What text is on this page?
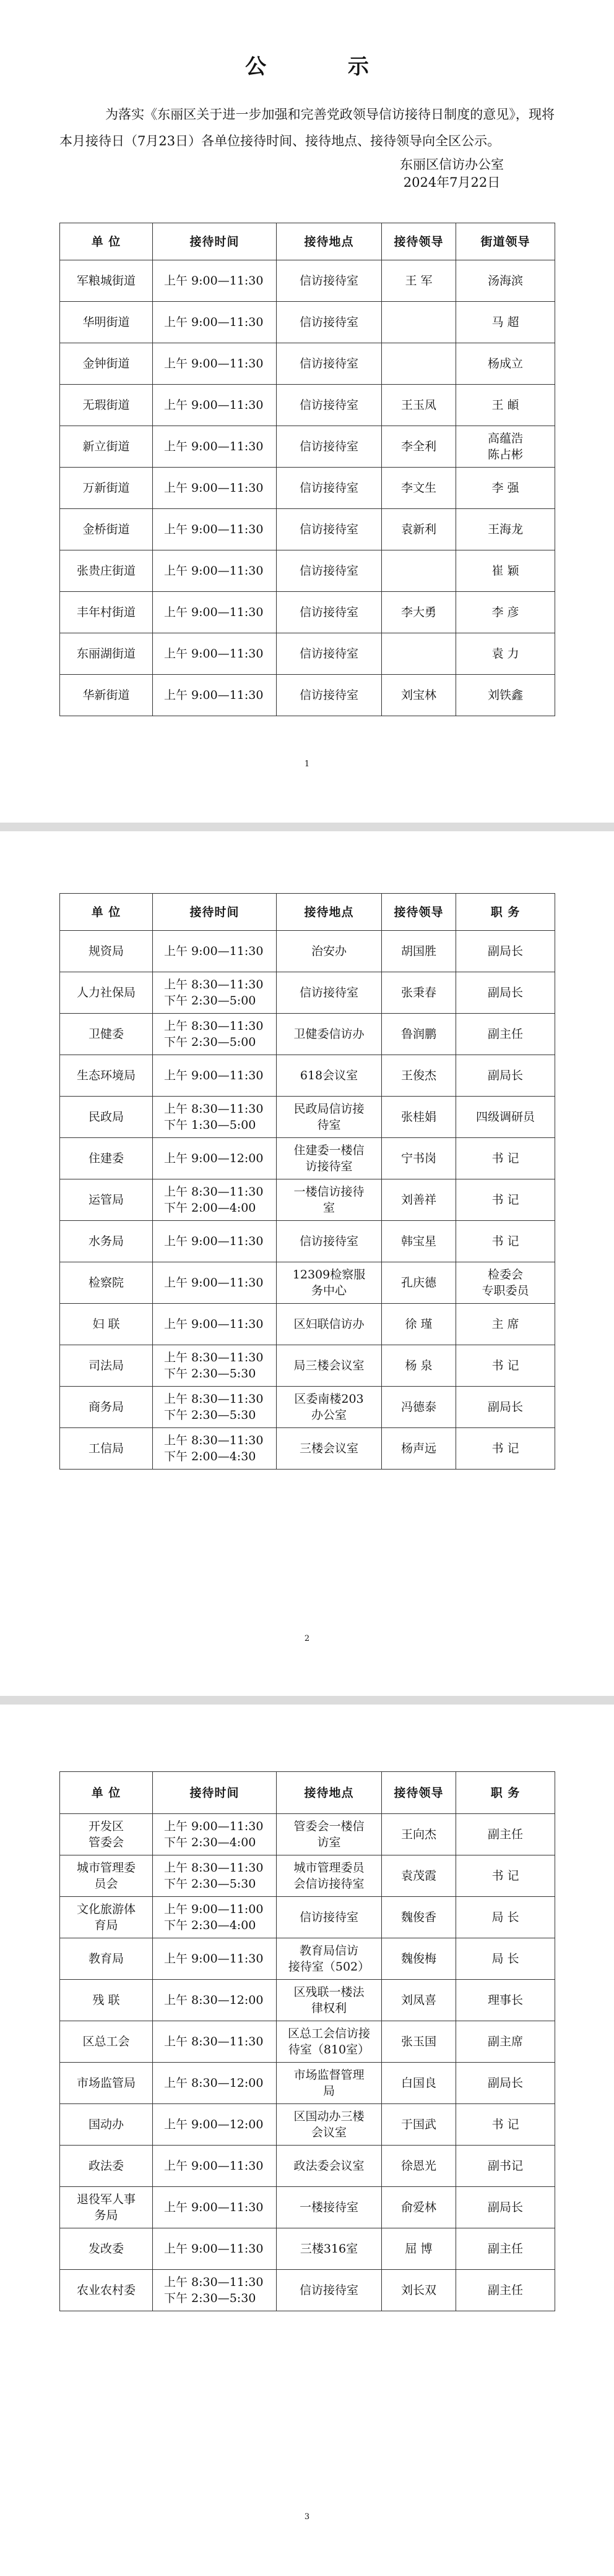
公 示
为落实《东丽区关于进一步加强和完善党政领导信访接待日制度的意见》，现将本月接待日（7月23日）各单位接待时间、接待地点、接待领导向全区公示。
东丽区信访办公室
2024年7月22日
单 位	接待时间	接待地点	接待领导	街道领导
军粮城街道	上午 9:00—11:30	信访接待室	王 军	汤海滨
华明街道	上午 9:00—11:30	信访接待室		马 超
金钟街道	上午 9:00—11:30	信访接待室		杨成立
无瑕街道	上午 9:00—11:30	信访接待室	王玉凤	王 頔
新立街道	上午 9:00—11:30	信访接待室	李全利	高蕴浩
陈占彬
万新街道	上午 9:00—11:30	信访接待室	李文生	李 强
金桥街道	上午 9:00—11:30	信访接待室	袁新利	王海龙
张贵庄街道	上午 9:00—11:30	信访接待室		崔 颖
丰年村街道	上午 9:00—11:30	信访接待室	李大勇	李 彦
东丽湖街道	上午 9:00—11:30	信访接待室		袁 力
华新街道	上午 9:00—11:30	信访接待室	刘宝林	刘铁鑫
1
单 位	接待时间	接待地点	接待领导	职 务
规资局	上午 9:00—11:30	治安办	胡国胜	副局长
人力社保局	上午 8:30—11:30
下午 2:30—5:00	信访接待室	张秉春	副局长
卫健委	上午 8:30—11:30
下午 2:30—5:00	卫健委信访办	鲁润鹏	副主任
生态环境局	上午 9:00—11:30	618会议室	王俊杰	副局长
民政局	上午 8:30—11:30
下午 1:30—5:00	民政局信访接
待室	张桂娟	四级调研员
住建委	上午 9:00—12:00	住建委一楼信
访接待室	宁书岗	书 记
运管局	上午 8:30—11:30
下午 2:00—4:00	一楼信访接待
室	刘善祥	书 记
水务局	上午 9:00—11:30	信访接待室	韩宝星	书 记
检察院	上午 9:00—11:30	12309检察服
务中心	孔庆德	检委会
专职委员
妇 联	上午 9:00—11:30	区妇联信访办	徐 瑾	主 席
司法局	上午 8:30—11:30
下午 2:30—5:30	局三楼会议室	杨 泉	书 记
商务局	上午 8:30—11:30
下午 2:30—5:30	区委南楼203
办公室	冯德泰	副局长
工信局	上午 8:30—11:30
下午 2:00—4:30	三楼会议室	杨声远	书 记
2
单 位	接待时间	接待地点	接待领导	职 务
开发区
管委会	上午 9:00—11:30
下午 2:30—4:00	管委会一楼信
访室	王向杰	副主任
城市管理委
员会	上午 8:30—11:30
下午 2:30—5:30	城市管理委员
会信访接待室	袁茂霞	书 记
文化旅游体
育局	上午 9:00—11:00
下午 2:30—4:00	信访接待室	魏俊香	局 长
教育局	上午 9:00—11:30	教育局信访
接待室（502）	魏俊梅	局 长
残 联	上午 8:30—12:00	区残联一楼法
律权利	刘凤喜	理事长
区总工会	上午 8:30—11:30	区总工会信访接
待室（810室）	张玉国	副主席
市场监管局	上午 8:30—12:00	市场监督管理
局	白国良	副局长
国动办	上午 9:00—12:00	区国动办三楼
会议室	于国武	书 记
政法委	上午 9:00—11:30	政法委会议室	徐恩光	副书记
退役军人事
务局	上午 9:00—11:30	一楼接待室	俞爱林	副局长
发改委	上午 9:00—11:30	三楼316室	屈 博	副主任
农业农村委	上午 8:30—11:30
下午 2:30—5:30	信访接待室	刘长双	副主任
3
